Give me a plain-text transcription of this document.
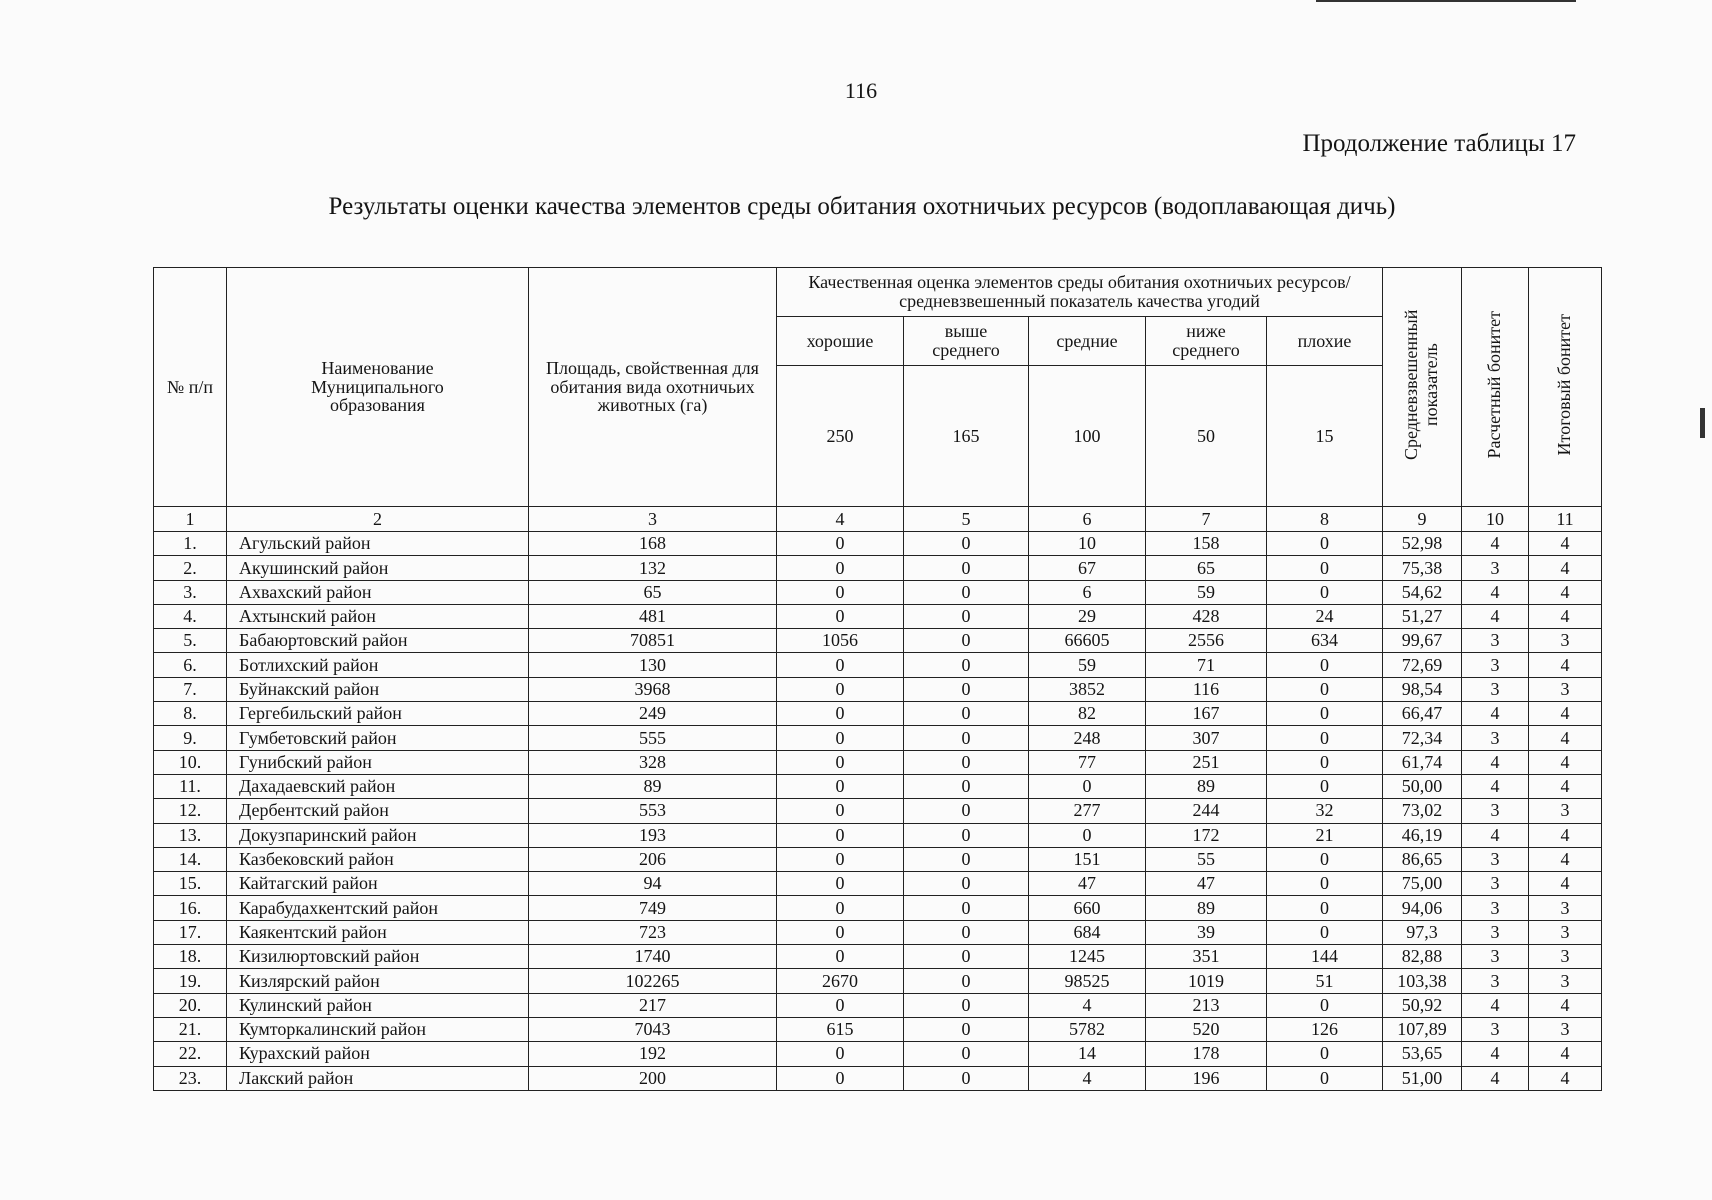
116
Продолжение таблицы 17
Результаты оценки качества элементов среды обитания охотничьих ресурсов (водоплавающая дичь)
№ п/п	Наименование Муниципального образования	Площадь, свойственная для обитания вида охотничьих животных (га)	Качественная оценка элементов среды обитания охотничьих ресурсов/средневзвешенный показатель качества угодий					Средневзвешенный показатель	Расчетный бонитет	Итоговый бонитет
			хорошие	выше среднего	средние	ниже среднего	плохие			
			250	165	100	50	15			
1	2	3	4	5	6	7	8	9	10	11
1.	Агульский район	168	0	0	10	158	0	52,98	4	4
2.	Акушинский район	132	0	0	67	65	0	75,38	3	4
3.	Ахвахский район	65	0	0	6	59	0	54,62	4	4
4.	Ахтынский район	481	0	0	29	428	24	51,27	4	4
5.	Бабаюртовский район	70851	1056	0	66605	2556	634	99,67	3	3
6.	Ботлихский район	130	0	0	59	71	0	72,69	3	4
7.	Буйнакский район	3968	0	0	3852	116	0	98,54	3	3
8.	Гергебильский район	249	0	0	82	167	0	66,47	4	4
9.	Гумбетовский район	555	0	0	248	307	0	72,34	3	4
10.	Гунибский район	328	0	0	77	251	0	61,74	4	4
11.	Дахадаевский район	89	0	0	0	89	0	50,00	4	4
12.	Дербентский район	553	0	0	277	244	32	73,02	3	3
13.	Докузпаринский район	193	0	0	0	172	21	46,19	4	4
14.	Казбековский район	206	0	0	151	55	0	86,65	3	4
15.	Кайтагский район	94	0	0	47	47	0	75,00	3	4
16.	Карабудахкентский район	749	0	0	660	89	0	94,06	3	3
17.	Каякентский район	723	0	0	684	39	0	97,3	3	3
18.	Кизилюртовский район	1740	0	0	1245	351	144	82,88	3	3
19.	Кизлярский район	102265	2670	0	98525	1019	51	103,38	3	3
20.	Кулинский район	217	0	0	4	213	0	50,92	4	4
21.	Кумторкалинский район	7043	615	0	5782	520	126	107,89	3	3
22.	Курахский район	192	0	0	14	178	0	53,65	4	4
23.	Лакский район	200	0	0	4	196	0	51,00	4	4
